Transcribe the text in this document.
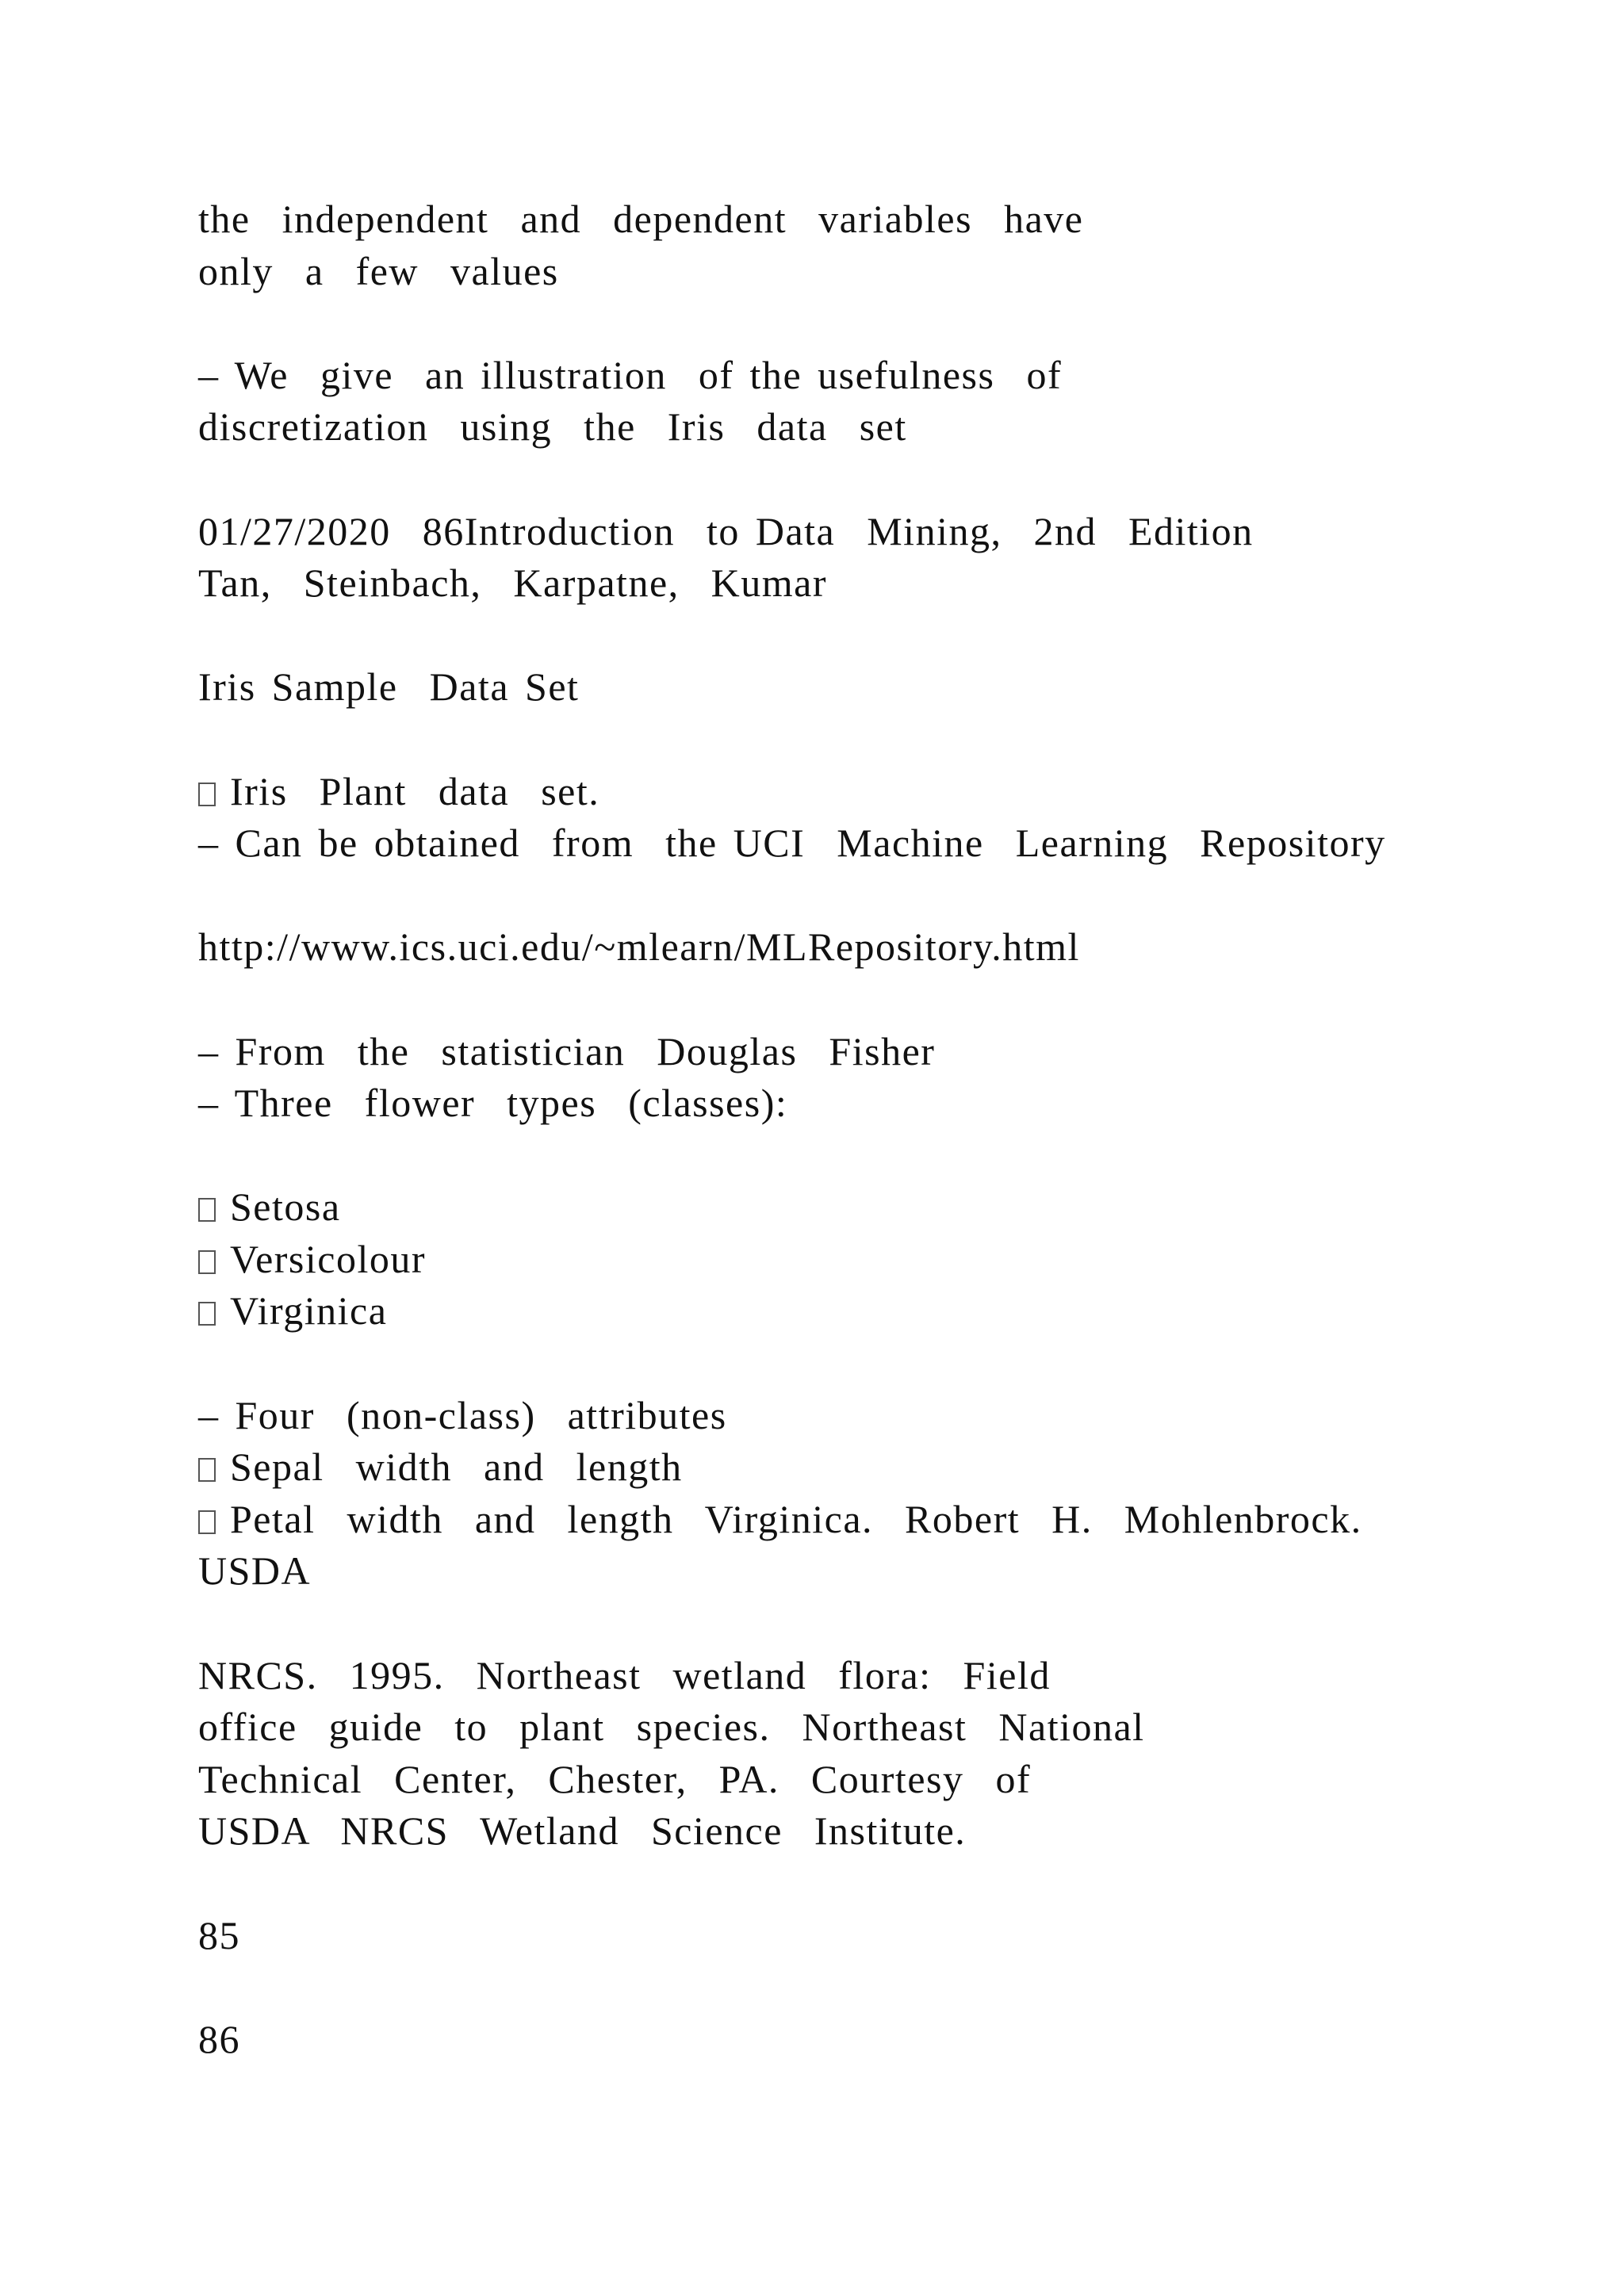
the  independent  and  dependent  variables  have
only  a  few  values
– We  give  an illustration  of the usefulness  of
discretization  using  the  Iris  data  set
01/27/2020  86Introduction  to Data  Mining,  2nd  Edition
Tan,  Steinbach,  Karpatne,  Kumar
Iris Sample  Data Set
Iris  Plant  data  set.
– Can be obtained  from  the UCI  Machine  Learning  Repository
http://www.ics.uci.edu/~mlearn/MLRepository.html
– From  the  statistician  Douglas  Fisher
– Three  flower  types  (classes):
Setosa
Versicolour
Virginica
– Four  (non-class)  attributes
Sepal  width  and  length
Petal  width  and  length  Virginica.  Robert  H.  Mohlenbrock.
USDA
NRCS.  1995.  Northeast  wetland  flora:  Field
office  guide  to  plant  species.  Northeast  National
Technical  Center,  Chester,  PA.  Courtesy  of
USDA  NRCS  Wetland  Science  Institute.
85
86
